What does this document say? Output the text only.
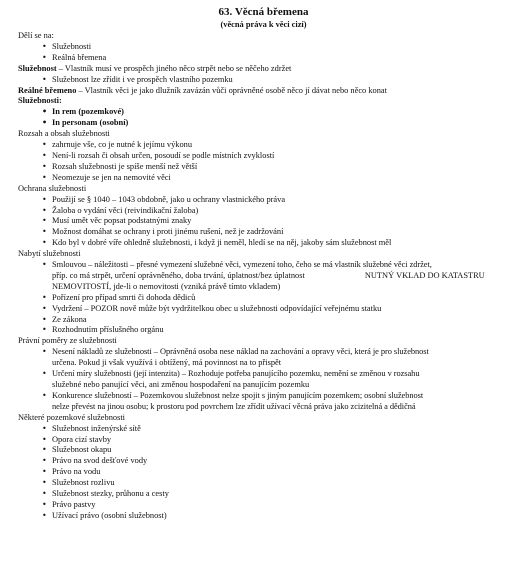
63. Věcná břemena

(věcná práva k věci cizí)

Dělí se na:

• Služebnosti
• Reálná břemena

Služebnost – Vlastník musí ve prospěch jiného něco strpět nebo se něčeho zdržet

• Služebnost lze zřídit i ve prospěch vlastního pozemku

Reálné břemeno – Vlastník věci je jako dlužník zavázán vůči oprávněné osobě něco jí dávat nebo něco konat

Služebnosti:

• In rem (pozemkové)
• In personam (osobní)

Rozsah a obsah služebnosti

• zahrnuje vše, co je nutné k jejímu výkonu
• Není-li rozsah či obsah určen, posoudí se podle místních zvyklostí
• Rozsah služebnosti je spíše menší než větší
• Neomezuje se jen na nemovité věci

Ochrana služebnosti

• Použijí se § 1040 – 1043 obdobně, jako u ochrany vlastnického práva
• Žaloba o vydání věci (reivindikační žaloba)
• Musí umět věc popsat podstatnými znaky
• Možnost domáhat se ochrany i proti jinému rušení, než je zadržování
• Kdo byl v dobré víře ohledně služebnosti, i když ji neměl, hledí se na něj, jakoby sám služebnost měl

Nabytí služebnosti

• Smlouvou – náležitosti – přesné vymezení služebné věci, vymezení toho, čeho se má vlastník služebné věci zdržet,
příp. co má strpět, určení oprávněného, doba trvání, úplatnost/bez úplatnost	NUTNÝ VKLAD DO KATASTRU
NEMOVITOSTÍ, jde-li o nemovitosti (vzniká právě tímto vkladem)
• Pořízení pro případ smrti či dohoda dědiců
• Vydržení – POZOR nově může být vydržitelkou obec u služebnosti odpovídající veřejnému statku
• Ze zákona
• Rozhodnutím příslušného orgánu

Právní poměry ze služebnosti

• Nesení nákladů ze služebnosti – Oprávněná osoba nese náklad na zachování a opravy věci, která je pro služebnost
určena. Pokud ji však využívá i obtížený, má povinnost na to přispět
• Určení míry služebnosti (její intenzita) – Rozhoduje potřeba panujícího pozemku, nemění se změnou v rozsahu
služebné nebo panující věci, ani změnou hospodaření na panujícím pozemku
• Konkurence služebností – Pozemkovou služebnost nelze spojit s jiným panujícím pozemkem; osobní služebnost
nelze převést na jinou osobu; k prostoru pod povrchem lze zřídit užívací věcná práva jako zcizitelná a dědičná

Některé pozemkové služebnosti

• Služebnost inženýrské sítě
• Opora cizí stavby
• Služebnost okapu
• Právo na svod dešťové vody
• Právo na vodu
• Služebnost rozlivu
• Služebnost stezky, průhonu a cesty
• Právo pastvy
• Užívací právo (osobní služebnost)
